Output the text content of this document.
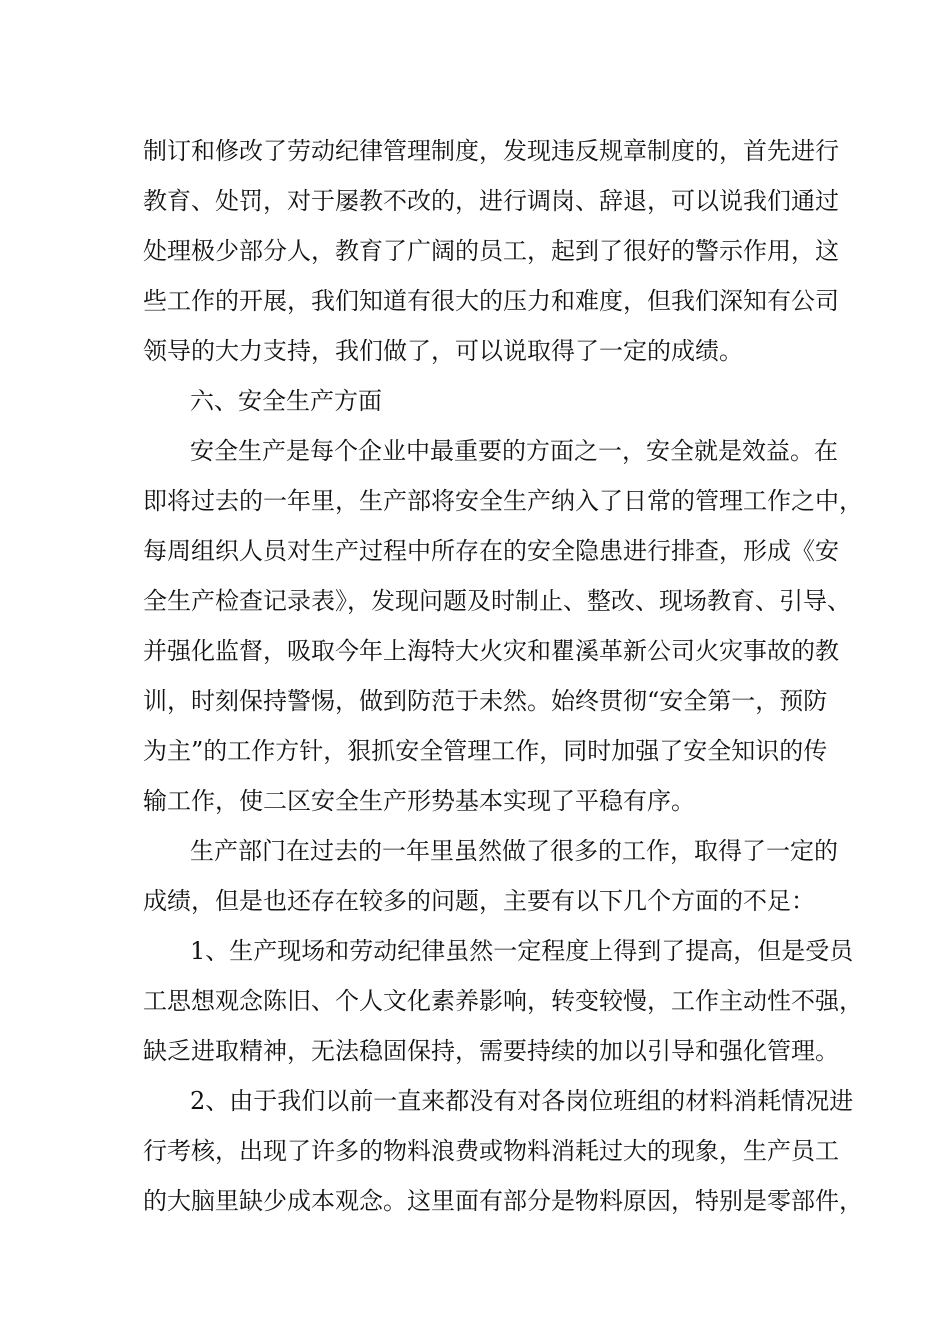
制订和修改了劳动纪律管理制度，发现违反规章制度的，首先进行
教育、处罚，对于屡教不改的，进行调岗、辞退，可以说我们通过
处理极少部分人，教育了广阔的员工，起到了很好的警示作用，这
些工作的开展，我们知道有很大的压力和难度，但我们深知有公司
领导的大力支持，我们做了，可以说取得了一定的成绩。
六、安全生产方面
安全生产是每个企业中最重要的方面之一，安全就是效益。在
即将过去的一年里，生产部将安全生产纳入了日常的管理工作之中，
每周组织人员对生产过程中所存在的安全隐患进行排查，形成《安
全生产检查记录表》，发现问题及时制止、整改、现场教育、引导、
并强化监督，吸取今年上海特大火灾和瞿溪革新公司火灾事故的教
训，时刻保持警惕，做到防范于未然。始终贯彻“安全第一，预防
为主”的工作方针，狠抓安全管理工作，同时加强了安全知识的传
输工作，使二区安全生产形势基本实现了平稳有序。
生产部门在过去的一年里虽然做了很多的工作，取得了一定的
成绩，但是也还存在较多的问题，主要有以下几个方面的不足：
1、生产现场和劳动纪律虽然一定程度上得到了提高，但是受员
工思想观念陈旧、个人文化素养影响，转变较慢，工作主动性不强，
缺乏进取精神，无法稳固保持，需要持续的加以引导和强化管理。
2、由于我们以前一直来都没有对各岗位班组的材料消耗情况进
行考核，出现了许多的物料浪费或物料消耗过大的现象，生产员工
的大脑里缺少成本观念。这里面有部分是物料原因，特别是零部件，
